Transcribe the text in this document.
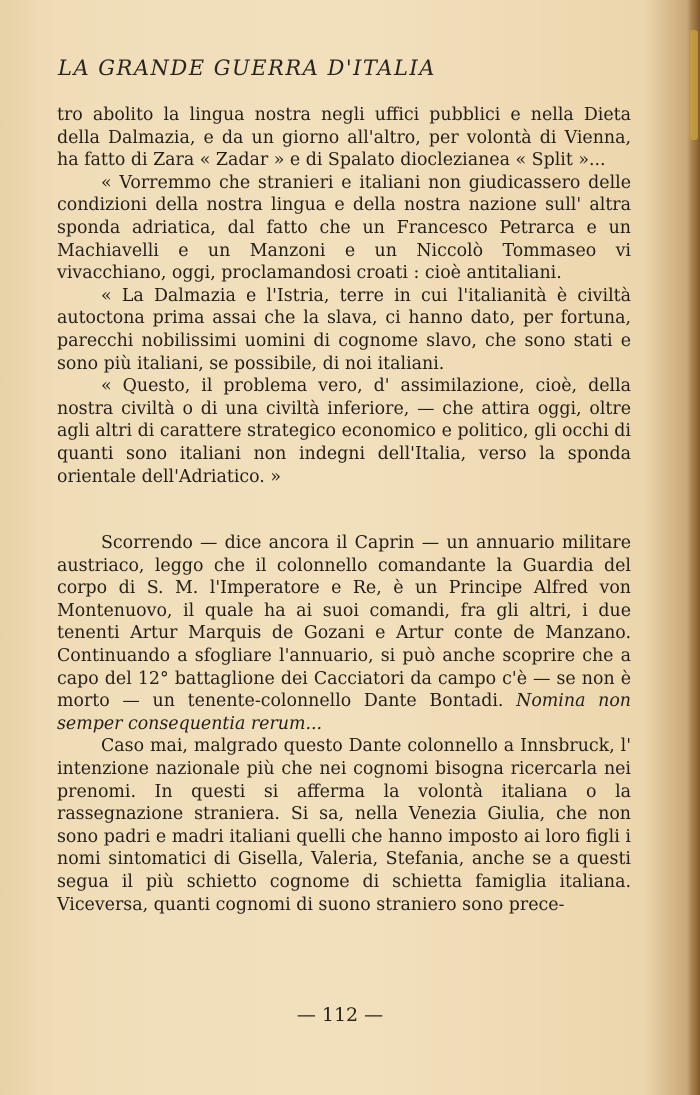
LA GRANDE GUERRA D'ITALIA

tro abolito la lingua nostra negli uffici pubblici e nella Dieta della Dalmazia, e da un giorno all'altro, per volontà di Vienna, ha fatto di Zara « Zadar » e di Spalato dioclezianea « Split »...

« Vorremmo che stranieri e italiani non giudicassero delle condizioni della nostra lingua e della nostra nazione sull' altra sponda adriatica, dal fatto che un Francesco Petrarca e un Machiavelli e un Manzoni e un Niccolò Tommaseo vi vivacchiano, oggi, proclamandosi croati : cioè antitaliani.

« La Dalmazia e l'Istria, terre in cui l'italianità è civiltà autoctona prima assai che la slava, ci hanno dato, per fortuna, parecchi nobilissimi uomini di cognome slavo, che sono stati e sono più italiani, se possibile, di noi italiani.

« Questo, il problema vero, d' assimilazione, cioè, della nostra civiltà o di una civiltà inferiore, — che attira oggi, oltre agli altri di carattere strategico economico e politico, gli occhi di quanti sono italiani non indegni dell'Italia, verso la sponda orientale dell'Adriatico. »

Scorrendo — dice ancora il Caprin — un annuario militare austriaco, leggo che il colonnello comandante la Guardia del corpo di S. M. l'Imperatore e Re, è un Principe Alfred von Montenuovo, il quale ha ai suoi comandi, fra gli altri, i due tenenti Artur Marquis de Gozani e Artur conte de Manzano. Continuando a sfogliare l'annuario, si può anche scoprire che a capo del 12° battaglione dei Cacciatori da campo c'è — se non è morto — un tenente-colonnello Dante Bontadi. Nomina non semper consequentia rerum...

Caso mai, malgrado questo Dante colonnello a Innsbruck, l' intenzione nazionale più che nei cognomi bisogna ricercarla nei prenomi. In questi si afferma la volontà italiana o la rassegnazione straniera. Si sa, nella Venezia Giulia, che non sono padri e madri italiani quelli che hanno imposto ai loro figli i nomi sintomatici di Gisella, Valeria, Stefania, anche se a questi segua il più schietto cognome di schietta famiglia italiana. Viceversa, quanti cognomi di suono straniero sono prece-

— 112 —
